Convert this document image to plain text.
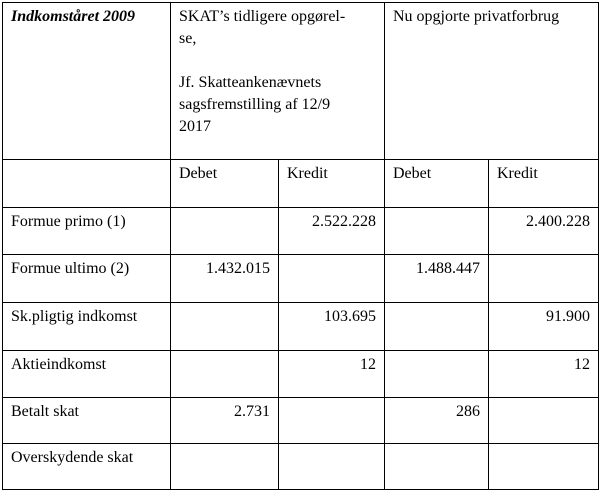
Indkomståret 2009	SKAT’s tidligere opgørel-
se,
Jf. Skatteankenævnets
sagsfremstilling af 12/9
2017		Nu opgjorte privatforbrug	
	Debet	Kredit	Debet	Kredit
Formue primo (1)		2.522.228		2.400.228
Formue ultimo (2)	1.432.015		1.488.447	
Sk.pligtig indkomst		103.695		91.900
Aktieindkomst		12		12
Betalt skat	2.731		286	
Overskydende skat				
